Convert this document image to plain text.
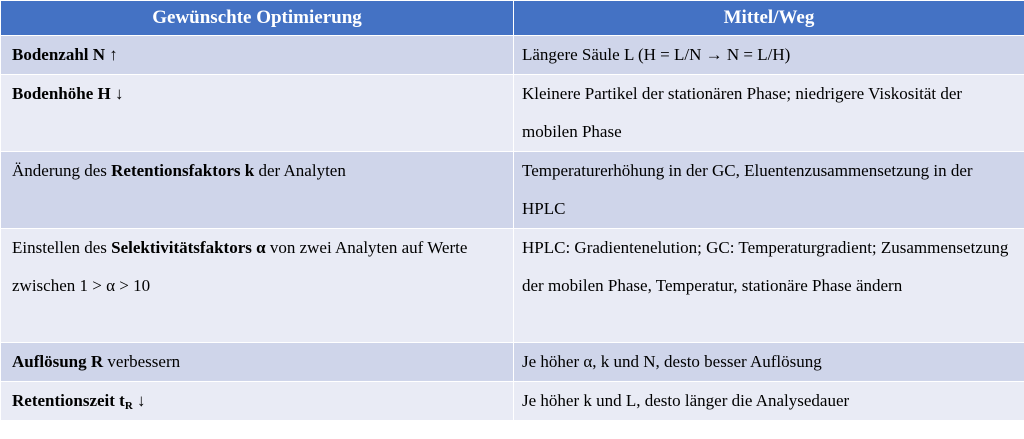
Gewünschte Optimierung	Mittel/Weg
Bodenzahl N ↑	Längere Säule L (H = L/N → N = L/H)
Bodenhöhe H ↓	Kleinere Partikel der stationären Phase; niedrigere Viskosität der mobilen Phase
Änderung des Retentionsfaktors k der Analyten	Temperaturerhöhung in der GC, Eluentenzusammensetzung in der HPLC
Einstellen des Selektivitätsfaktors α von zwei Analyten auf Werte zwischen 1 > α > 10	HPLC: Gradientenelution; GC: Temperaturgradient; Zusammensetzung der mobilen Phase, Temperatur, stationäre Phase ändern
Auflösung R verbessern	Je höher α, k und N, desto besser Auflösung
Retentionszeit $t_R$ ↓	Je höher k und L, desto länger die Analysedauer
